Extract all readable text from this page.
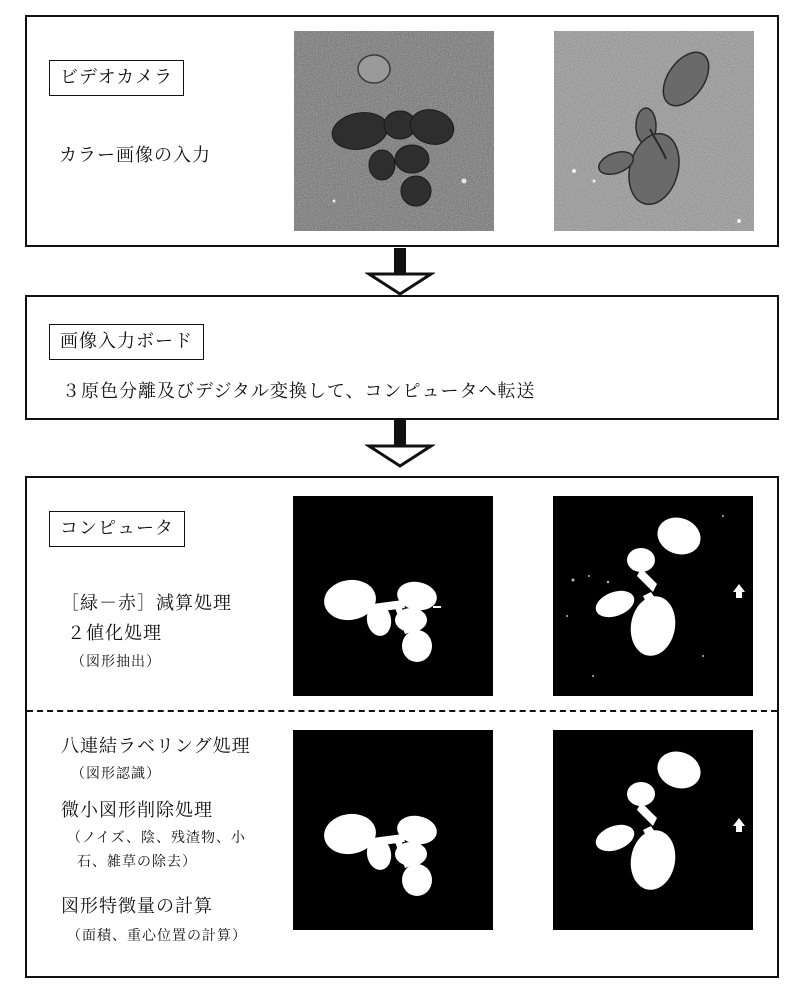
ビデオカメラ
カラー画像の入力
画像入力ボード
３原色分離及びデジタル変換して、コンピュータへ転送
コンピュータ
［緑－赤］減算処理
２値化処理
（図形抽出）
八連結ラベリング処理
（図形認識）
微小図形削除処理
（ノイズ、陰、残渣物、小
石、雑草の除去）
図形特徴量の計算
（面積、重心位置の計算）
